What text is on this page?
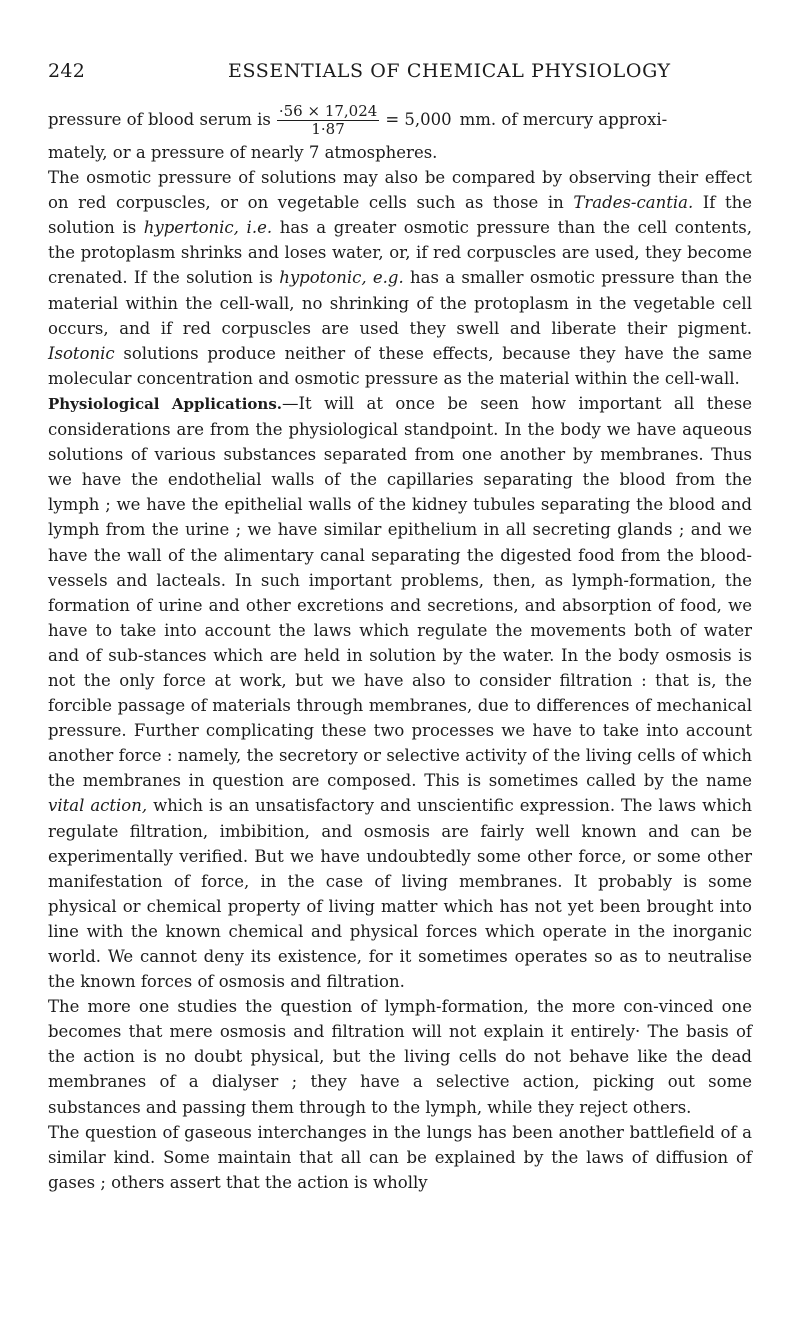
242	ESSENTIALS OF CHEMICAL PHYSIOLOGY
pressure of blood serum is $\frac{\cdot 56 \times 17,024}{1\cdot 87} = 5,000$ mm. of mercury approxi-

mately, or a pressure of nearly 7 atmospheres.

The osmotic pressure of solutions may also be compared by observing their effect on red corpuscles, or on vegetable cells such as those in Trades-cantia. If the solution is hypertonic, i.e. has a greater osmotic pressure than the cell contents, the protoplasm shrinks and loses water, or, if red corpuscles are used, they become crenated. If the solution is hypotonic, e.g. has a smaller osmotic pressure than the material within the cell-wall, no shrinking of the protoplasm in the vegetable cell occurs, and if red corpuscles are used they swell and liberate their pigment. Isotonic solutions produce neither of these effects, because they have the same molecular concentration and osmotic pressure as the material within the cell-wall.

Physiological Applications.—It will at once be seen how important all these considerations are from the physiological standpoint. In the body we have aqueous solutions of various substances separated from one another by membranes. Thus we have the endothelial walls of the capillaries separating the blood from the lymph ; we have the epithelial walls of the kidney tubules separating the blood and lymph from the urine ; we have similar epithelium in all secreting glands ; and we have the wall of the alimentary canal separating the digested food from the blood-vessels and lacteals. In such important problems, then, as lymph-formation, the formation of urine and other excretions and secretions, and absorption of food, we have to take into account the laws which regulate the movements both of water and of sub-stances which are held in solution by the water. In the body osmosis is not the only force at work, but we have also to consider filtration : that is, the forcible passage of materials through membranes, due to differences of mechanical pressure. Further complicating these two processes we have to take into account another force : namely, the secretory or selective activity of the living cells of which the membranes in question are composed. This is sometimes called by the name vital action, which is an unsatisfactory and unscientific expression. The laws which regulate filtration, imbibition, and osmosis are fairly well known and can be experimentally verified. But we have undoubtedly some other force, or some other manifestation of force, in the case of living membranes. It probably is some physical or chemical property of living matter which has not yet been brought into line with the known chemical and physical forces which operate in the inorganic world. We cannot deny its existence, for it sometimes operates so as to neutralise the known forces of osmosis and filtration.

The more one studies the question of lymph-formation, the more con-vinced one becomes that mere osmosis and filtration will not explain it entirely· The basis of the action is no doubt physical, but the living cells do not behave like the dead membranes of a dialyser ; they have a selective action, picking out some substances and passing them through to the lymph, while they reject others.

The question of gaseous interchanges in the lungs has been another battlefield of a similar kind. Some maintain that all can be explained by the laws of diffusion of gases ; others assert that the action is wholly
